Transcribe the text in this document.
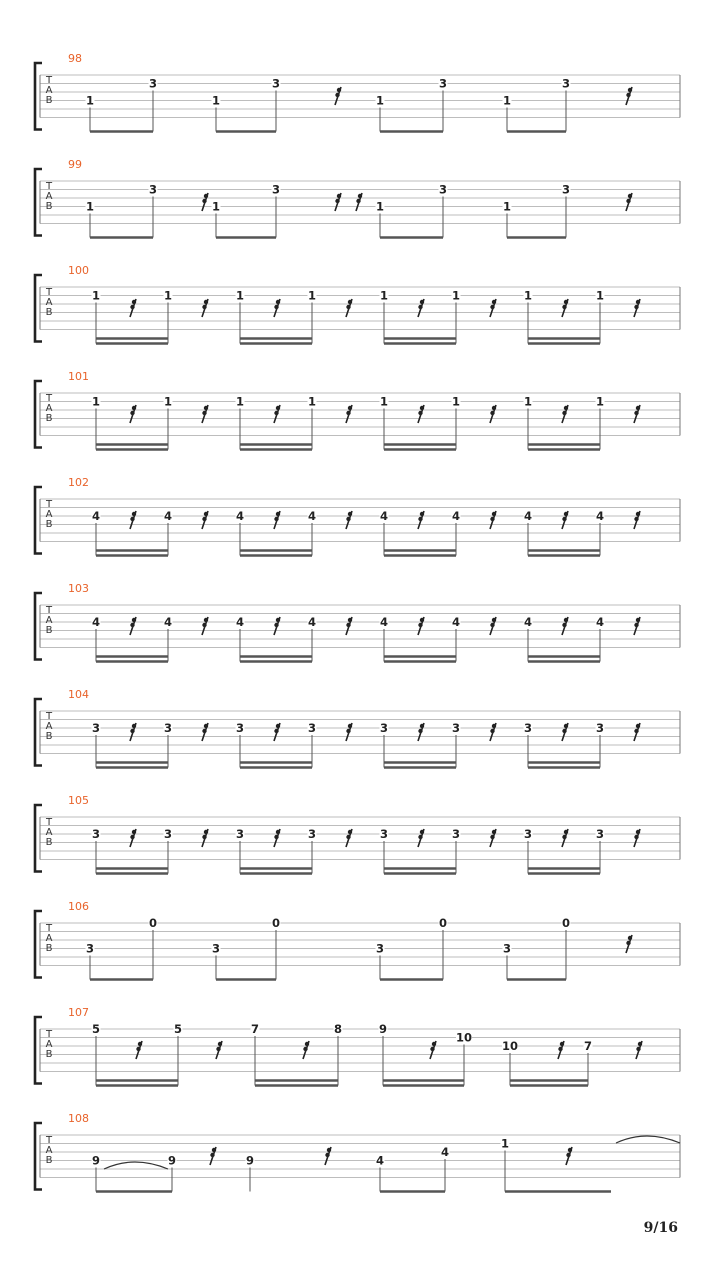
T
A
B
98
1
3
1
3
1
3
1
3
T
A
B
99
1
3
1
3
1
3
1
3
T
A
B
100
1	1	1	1	1	1	1	1
T
A
B
101
1	1	1	1	1	1	1	1
T
A
B
102
4	4	4	4	4	4	4	4
T
A
B
103
4	4	4	4	4	4	4	4
T
A
B
104
3	3	3	3	3	3	3	3
T
A
B
105
3	3	3	3	3	3	3	3
T
A
B
106
3
0
3
0
3
0
3
0
T
A
B
107
5	5	7	8	9
10
10	7
T
A
B
108
9	9	9	4
4
1
9/16
